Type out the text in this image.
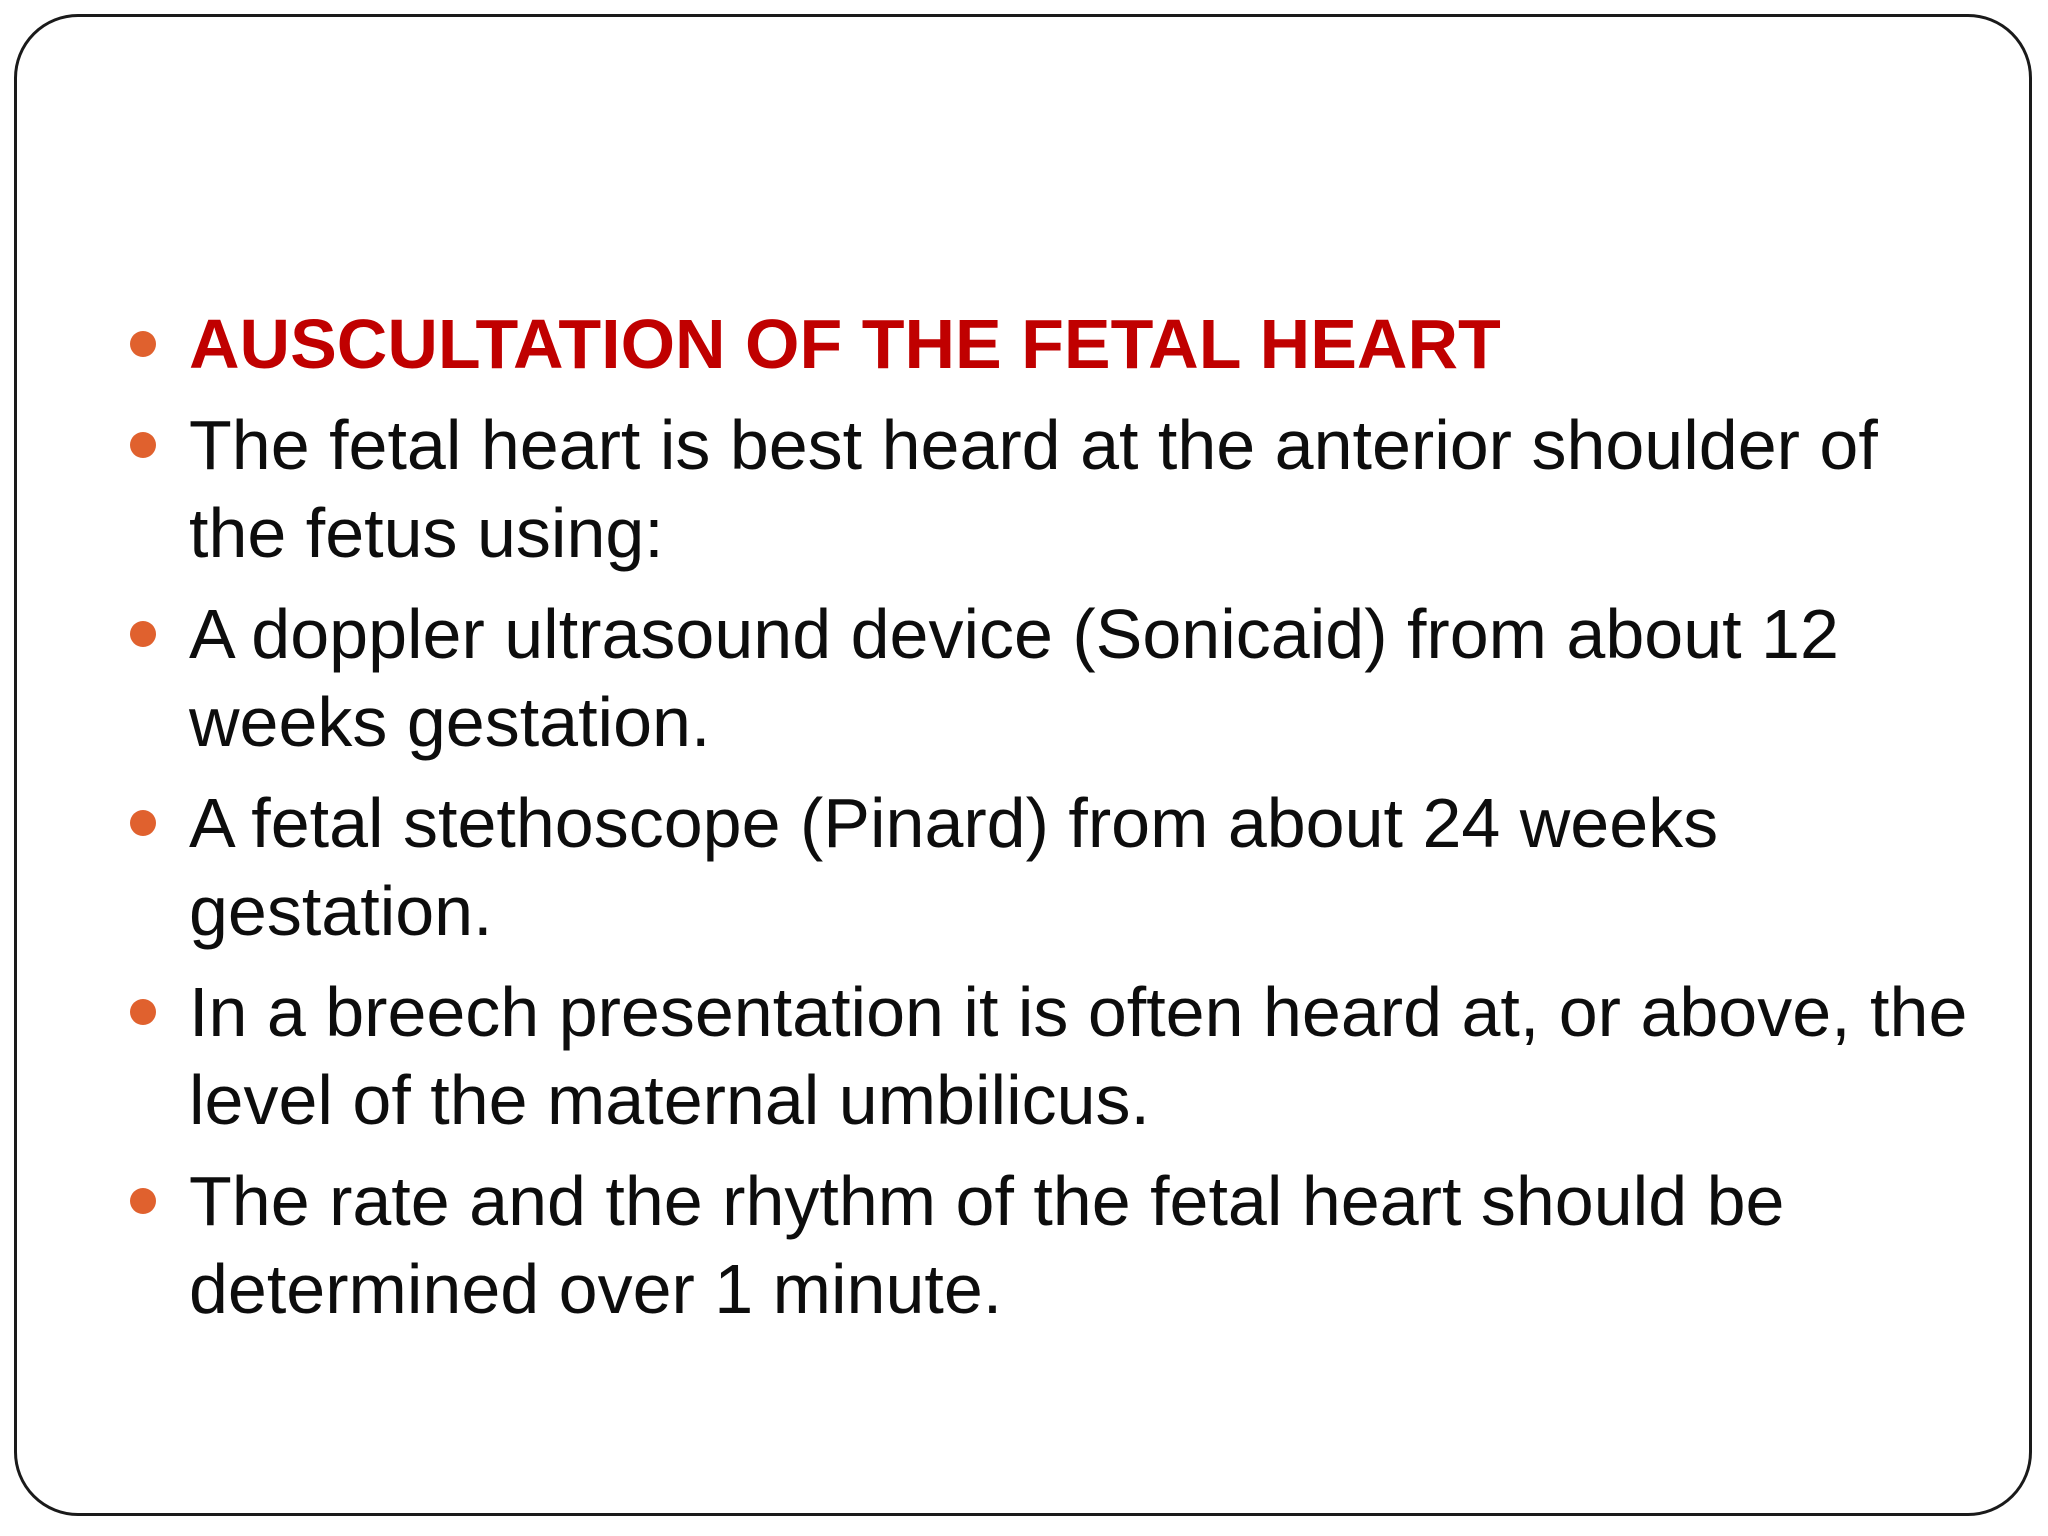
AUSCULTATION OF THE FETAL HEART
The fetal heart is best heard at the anterior shoulder of the fetus using:
A doppler ultrasound device (Sonicaid) from about 12 weeks gestation.
A fetal stethoscope (Pinard) from about 24 weeks gestation.
In a breech presentation it is often heard at, or above, the level of the maternal umbilicus.
The rate and the rhythm of the fetal heart should be determined over 1 minute.
